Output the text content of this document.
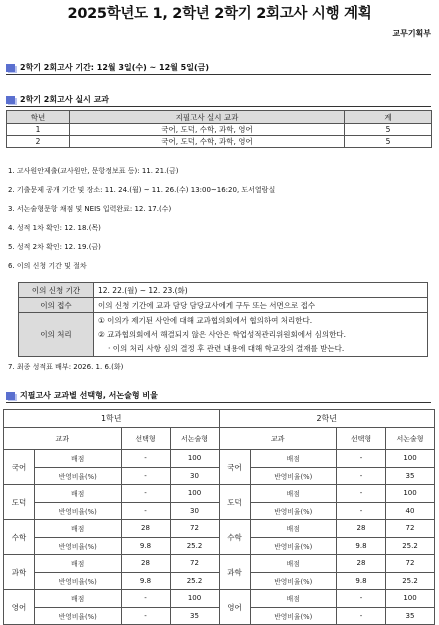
2025학년도 1, 2학년 2학기 2회고사 시행 계획
교무기획부
2학기 2회고사 기간: 12월 3일(수) ~ 12월 5일(금)
2학기 2회고사 실시 교과
학년	지필고사 실시 교과	계
1	국어, 도덕, 수학, 과학, 영어	5
2	국어, 도덕, 수학, 과학, 영어	5
1. 고사원안제출(교사원안, 문항정보표 등): 11. 21.(금)
2. 기출문제 공개 기간 및 장소: 11. 24.(월) ~ 11. 26.(수) 13:00~16:20, 도서열람실
3. 서논술형문항 채점 및 NEIS 입력완료: 12. 17.(수)
4. 성적 1차 확인: 12. 18.(목)
5. 성적 2차 확인: 12. 19.(금)
6. 이의 신청 기간 및 절차
이의 신청 기간	12. 22.(월) ~ 12. 23.(화)
이의 접수	이의 신청 기간에 교과 담당 담당교사에게 구두 또는 서면으로 접수
이의 처리	① 이의가 제기된 사안에 대해 교과협의회에서 협의하여 처리한다.
② 교과협의회에서 해결되지 않은 사안은 학업성적관리위원회에서 심의한다.
· 이의 처리 사항 심의 결정 후 관련 내용에 대해 학교장의 결재를 받는다.
7. 최종 성적표 배부: 2026. 1. 6.(화)
지필고사 교과별 선택형, 서논술형 비율
1학년				2학년			
교과		선택형	서논술형	교과		선택형	서논술형
국어	배점	-	100	국어	배점	-	100
	반영비율(%)	-	30		반영비율(%)	-	35
도덕	배점	-	100	도덕	배점	-	100
	반영비율(%)	-	30		반영비율(%)	-	40
수학	배점	28	72	수학	배점	28	72
	반영비율(%)	9.8	25.2		반영비율(%)	9.8	25.2
과학	배점	28	72	과학	배점	28	72
	반영비율(%)	9.8	25.2		반영비율(%)	9.8	25.2
영어	배점	-	100	영어	배점	-	100
	반영비율(%)	-	35		반영비율(%)	-	35
